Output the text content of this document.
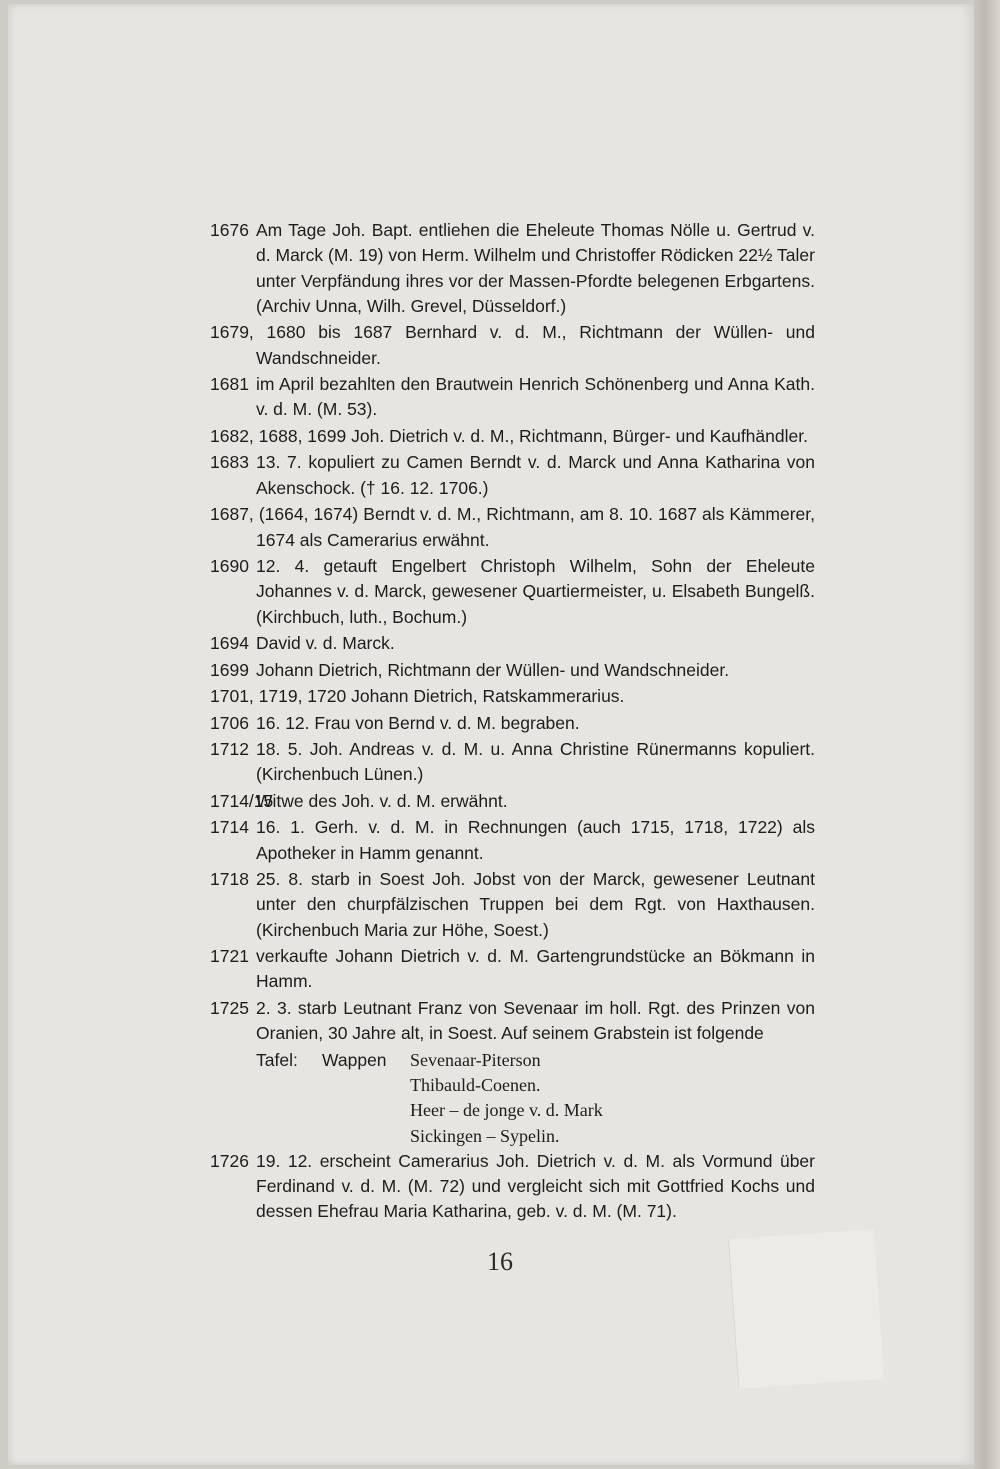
1676 Am Tage Joh. Bapt. entliehen die Eheleute Thomas Nölle u. Gertrud v. d. Marck (M. 19) von Herm. Wilhelm und Christoffer Rödicken 22½ Taler unter Verpfändung ihres vor der Massen-Pfordte belegenen Erbgartens. (Archiv Unna, Wilh. Grevel, Düsseldorf.)
1679, 1680 bis 1687 Bernhard v. d. M., Richtmann der Wüllen- und Wandschneider.
1681 im April bezahlten den Brautwein Henrich Schönenberg und Anna Kath. v. d. M. (M. 53).
1682, 1688, 1699 Joh. Dietrich v. d. M., Richtmann, Bürger- und Kaufhändler.
1683 13. 7. kopuliert zu Camen Berndt v. d. Marck und Anna Katharina von Akenschock. († 16. 12. 1706.)
1687, (1664, 1674) Berndt v. d. M., Richtmann, am 8. 10. 1687 als Kämmerer, 1674 als Camerarius erwähnt.
1690 12. 4. getauft Engelbert Christoph Wilhelm, Sohn der Eheleute Johannes v. d. Marck, gewesener Quartiermeister, u. Elsabeth Bungelß. (Kirchbuch, luth., Bochum.)
1694 David v. d. Marck.
1699 Johann Dietrich, Richtmann der Wüllen- und Wandschneider.
1701, 1719, 1720 Johann Dietrich, Ratskammerarius.
1706 16. 12. Frau von Bernd v. d. M. begraben.
1712 18. 5. Joh. Andreas v. d. M. u. Anna Christine Rünermanns kopuliert. (Kirchenbuch Lünen.)
1714/15
Witwe des Joh. v. d. M. erwähnt.
1714 16. 1. Gerh. v. d. M. in Rechnungen (auch 1715, 1718, 1722) als Apotheker in Hamm genannt.
1718 25. 8. starb in Soest Joh. Jobst von der Marck, gewesener Leutnant unter den churpfälzischen Truppen bei dem Rgt. von Haxthausen. (Kirchenbuch Maria zur Höhe, Soest.)
1721 verkaufte Johann Dietrich v. d. M. Gartengrundstücke an Bökmann in Hamm.
1725 2. 3. starb Leutnant Franz von Sevenaar im holl. Rgt. des Prinzen von Oranien, 30 Jahre alt, in Soest. Auf seinem Grabstein ist folgende
Tafel:	Wappen	Sevenaar-Piterson
Thibauld-Coenen.
Heer – de jonge v. d. Mark
Sickingen – Sypelin.
1726 19. 12. erscheint Camerarius Joh. Dietrich v. d. M. als Vormund über Ferdinand v. d. M. (M. 72) und vergleicht sich mit Gottfried Kochs und dessen Ehefrau Maria Katharina, geb. v. d. M. (M. 71).
16
